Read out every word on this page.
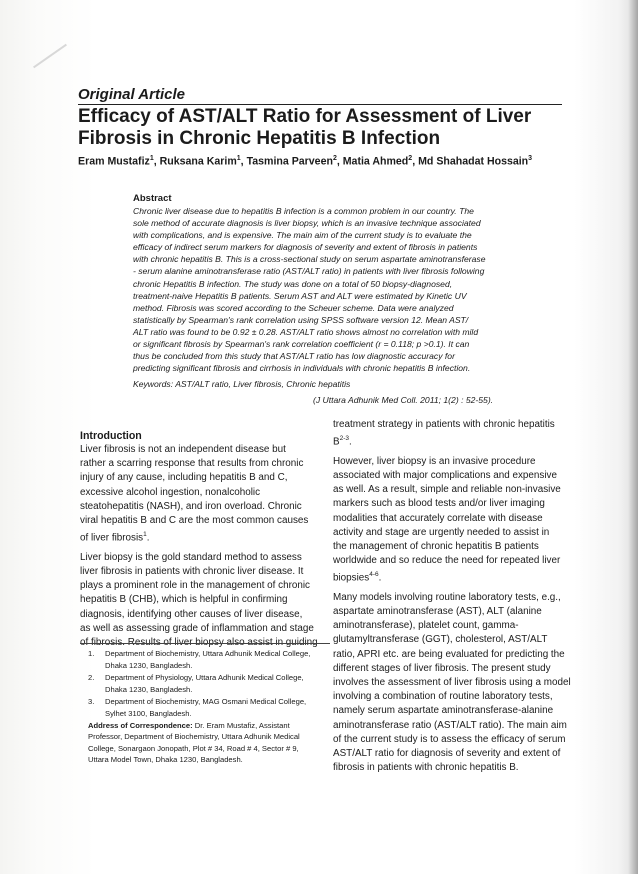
Original Article
Efficacy of AST/ALT Ratio for Assessment of Liver
Fibrosis in Chronic Hepatitis B Infection
Eram Mustafiz$^1$, Ruksana Karim$^1$, Tasmina Parveen$^2$, Matia Ahmed$^2$, Md Shahadat Hossain$^3$
Abstract
Chronic liver disease due to hepatitis B infection is a common problem in our country. The
sole method of accurate diagnosis is liver biopsy, which is an invasive technique associated
with complications, and is expensive. The main aim of the current study is to evaluate the
efficacy of indirect serum markers for diagnosis of severity and extent of fibrosis in patients
with chronic hepatitis B. This is a cross-sectional study on serum aspartate aminotransferase
- serum alanine aminotransferase ratio (AST/ALT ratio) in patients with liver fibrosis following
chronic Hepatitis B infection. The study was done on a total of 50 biopsy-diagnosed,
treatment-naive Hepatitis B patients. Serum AST and ALT were estimated by Kinetic UV
method. Fibrosis was scored according to the Scheuer scheme. Data were analyzed
statistically by Spearman's rank correlation using SPSS software version 12. Mean AST/
ALT ratio was found to be 0.92 ± 0.28. AST/ALT ratio shows almost no correlation with mild
or significant fibrosis by Spearman's rank correlation coefficient (r = 0.118; p >0.1). It can
thus be concluded from this study that AST/ALT ratio has low diagnostic accuracy for
predicting significant fibrosis and cirrhosis in individuals with chronic hepatitis B infection.
Keywords: AST/ALT ratio, Liver fibrosis, Chronic hepatitis
(J Uttara Adhunik Med Coll. 2011; 1(2) : 52-55).
Introduction
Liver fibrosis is not an independent disease but
rather a scarring response that results from chronic
injury of any cause, including hepatitis B and C,
excessive alcohol ingestion, nonalcoholic
steatohepatitis (NASH), and iron overload. Chronic
viral hepatitis B and C are the most common causes
of liver fibrosis$^1$.
Liver biopsy is the gold standard method to assess
liver fibrosis in patients with chronic liver disease. It
plays a prominent role in the management of chronic
hepatitis B (CHB), which is helpful in confirming
diagnosis, identifying other causes of liver disease,
as well as assessing grade of inflammation and stage
1. Department of Biochemistry, Uttara Adhunik Medical College,
Dhaka 1230, Bangladesh.
2. Department of Physiology, Uttara Adhunik Medical College,
Dhaka 1230, Bangladesh.
3. Department of Biochemistry, MAG Osmani Medical College,
Sylhet 3100, Bangladesh.
Address of Correspondence: Dr. Eram Mustafiz, Assistant
Professor, Department of Biochemistry, Uttara Adhunik Medical
College, Sonargaon Jonopath, Plot # 34, Road # 4, Sector # 9,
Uttara Model Town, Dhaka 1230, Bangladesh.
treatment strategy in patients with chronic hepatitis
$B^{2-3}$.
However, liver biopsy is an invasive procedure
associated with major complications and expensive
as well. As a result, simple and reliable non-invasive
markers such as blood tests and/or liver imaging
modalities that accurately correlate with disease
activity and stage are urgently needed to assist in
the management of chronic hepatitis B patients
worldwide and so reduce the need for repeated liver
biopsies$^{4-6}$.
Many models involving routine laboratory tests, e.g.,
aspartate aminotransferase (AST), ALT (alanine
aminotransferase), platelet count, gamma-
glutamyltransferase (GGT), cholesterol, AST/ALT
ratio, APRI etc. are being evaluated for predicting the
different stages of liver fibrosis. The present study
involves the assessment of liver fibrosis using a model
involving a combination of routine laboratory tests,
namely serum aspartate aminotransferase-alanine
aminotransferase ratio (AST/ALT ratio). The main aim
of the current study is to assess the efficacy of serum
AST/ALT ratio for diagnosis of severity and extent of
fibrosis in patients with chronic hepatitis B.
